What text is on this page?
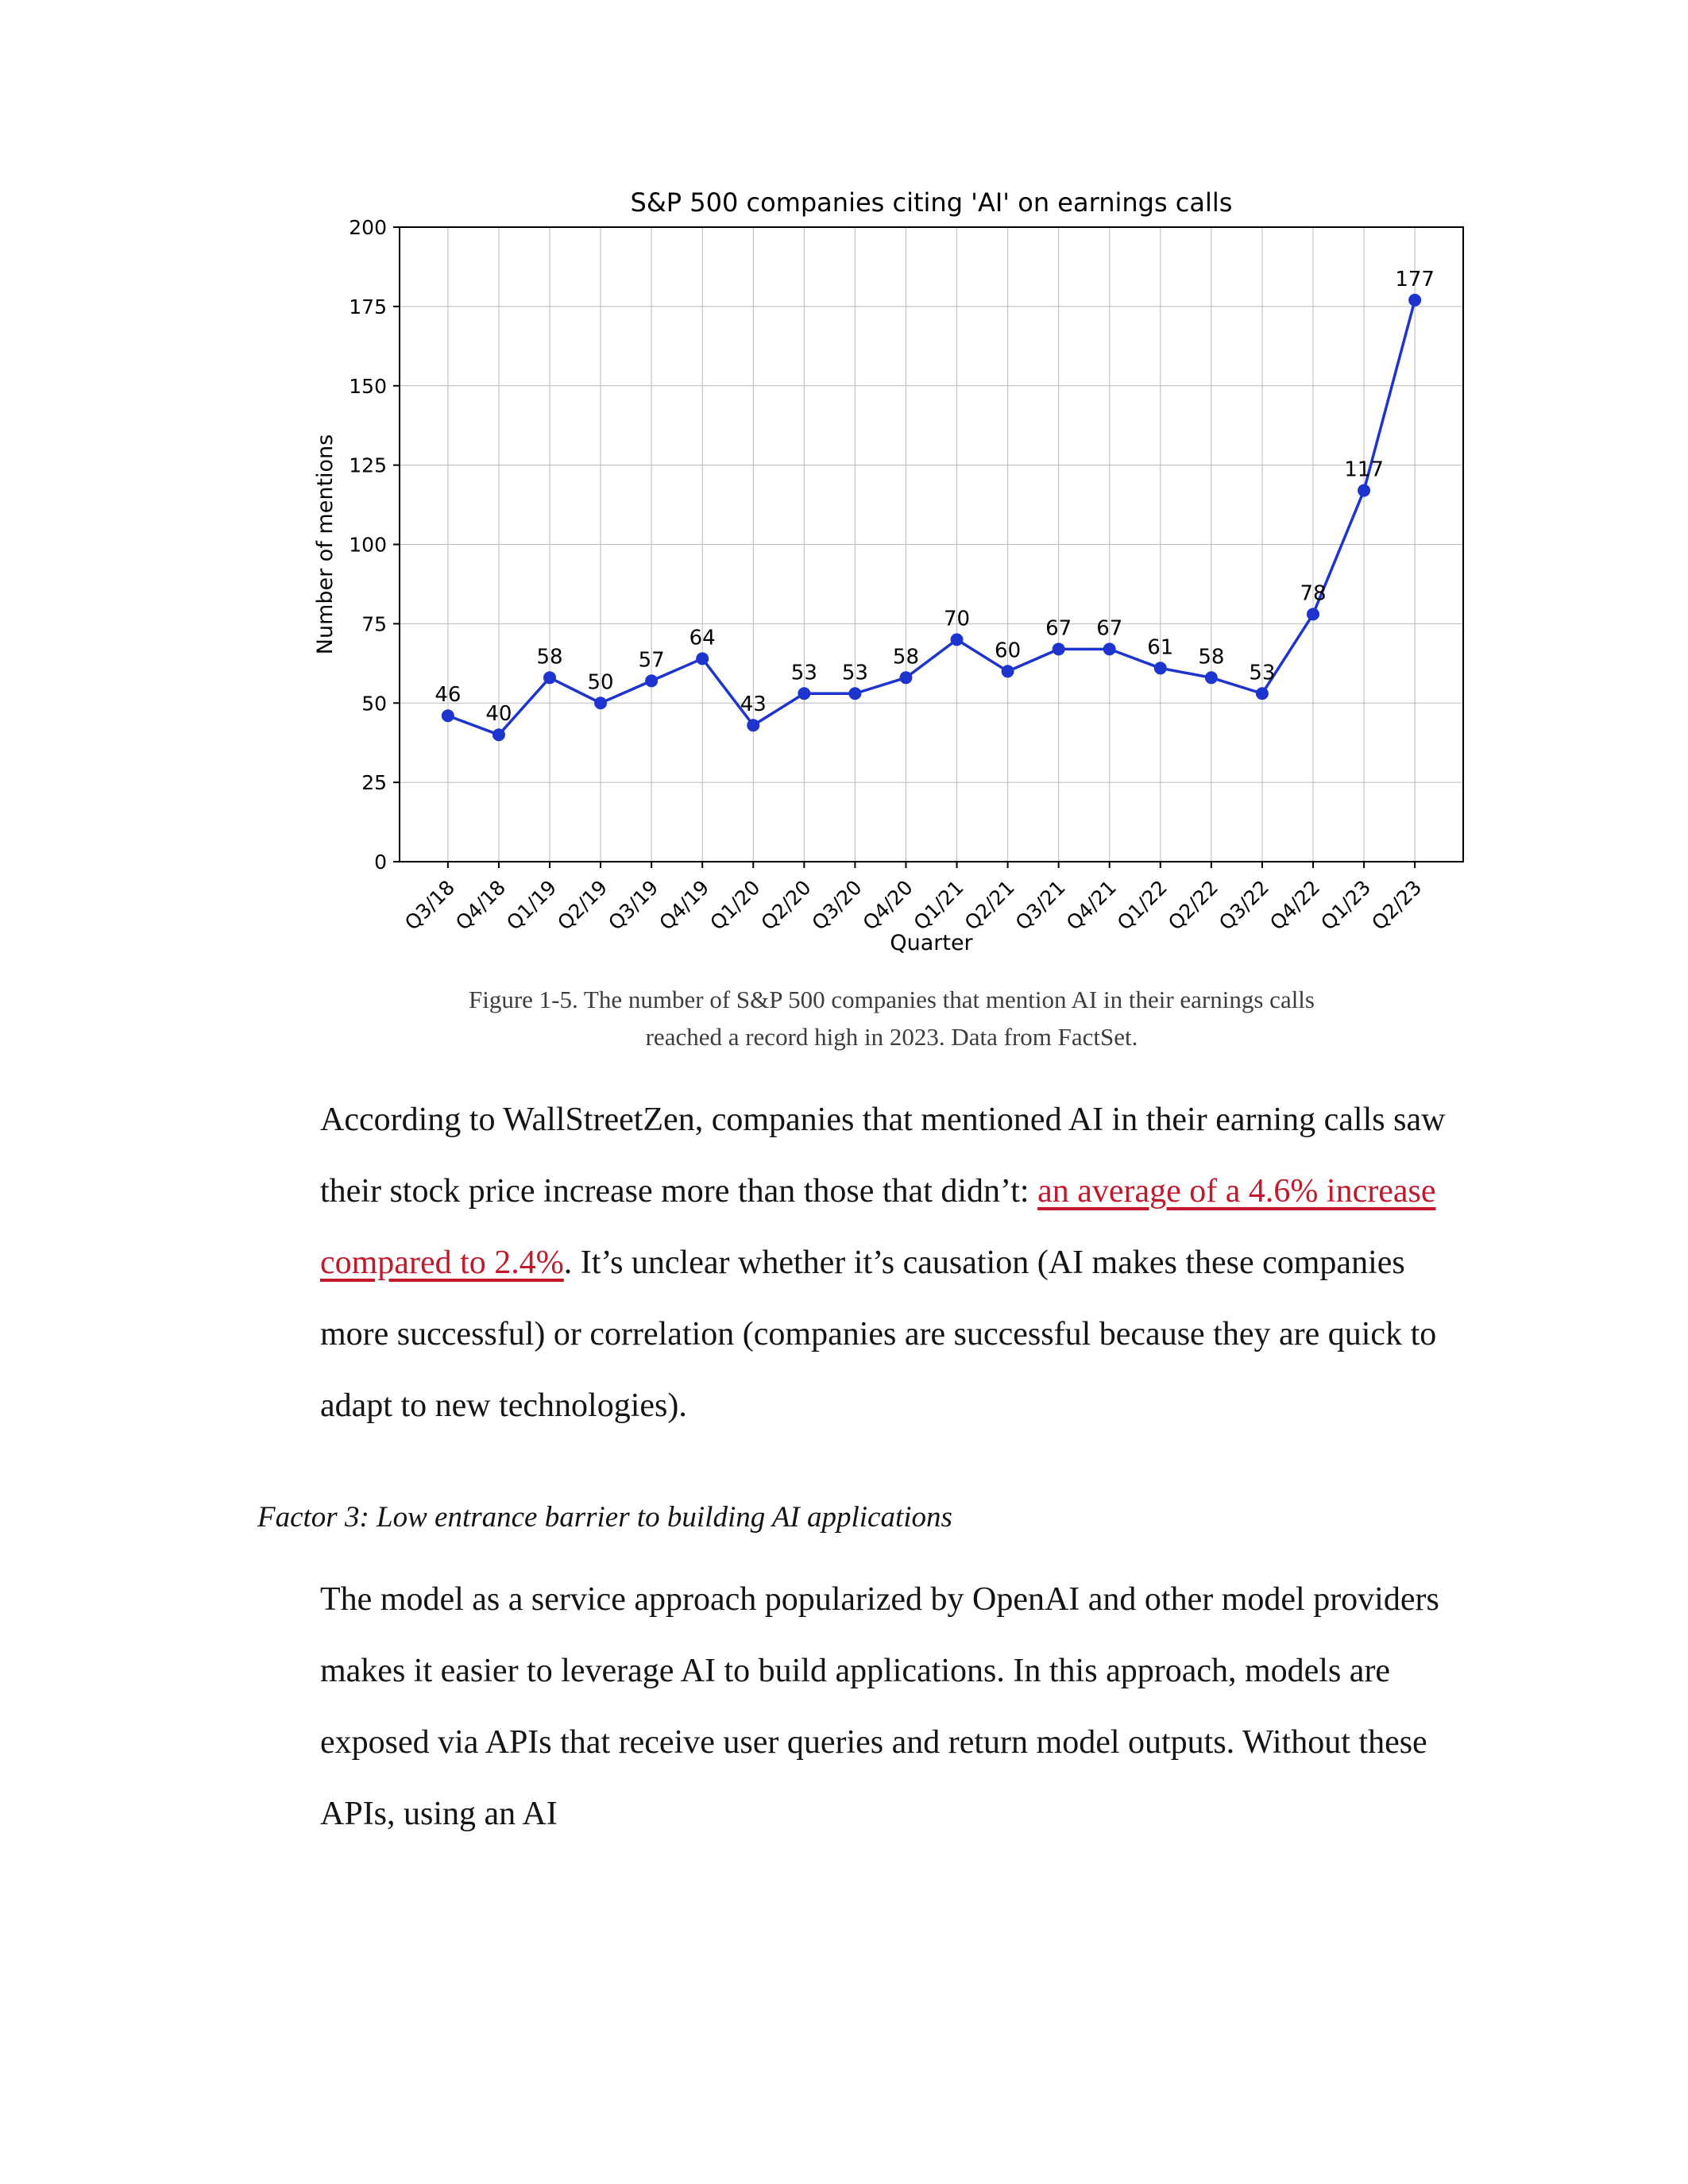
0
25
50
75
100
125
150
175
200
Q3/18
Q4/18
Q1/19
Q2/19
Q3/19
Q4/19
Q1/20
Q2/20
Q3/20
Q4/20
Q1/21
Q2/21
Q3/21
Q4/21
Q1/22
Q2/22
Q3/22
Q4/22
Q1/23
Q2/23
46
40
58
50
57
64
43
53 53
58
70
60
67 67
61 58
53
78
117
177
S&P 500 companies citing 'AI' on earnings calls
Quarter
Number of mentions
Figure 1-5. The number of S&P 500 companies that mention AI in their earnings calls
reached a record high in 2023. Data from FactSet.

According to WallStreetZen, companies that mentioned AI in their earning calls saw their stock price increase more than those that didn’t: an average of a 4.6% increase compared to 2.4%. It’s unclear whether it’s causation (AI makes these companies more successful) or correlation (companies are successful because they are quick to adapt to new technologies).

Factor 3: Low entrance barrier to building AI applications

The model as a service approach popularized by OpenAI and other model providers makes it easier to leverage AI to build applications. In this approach, models are exposed via APIs that receive user queries and return model outputs. Without these APIs, using an AI
